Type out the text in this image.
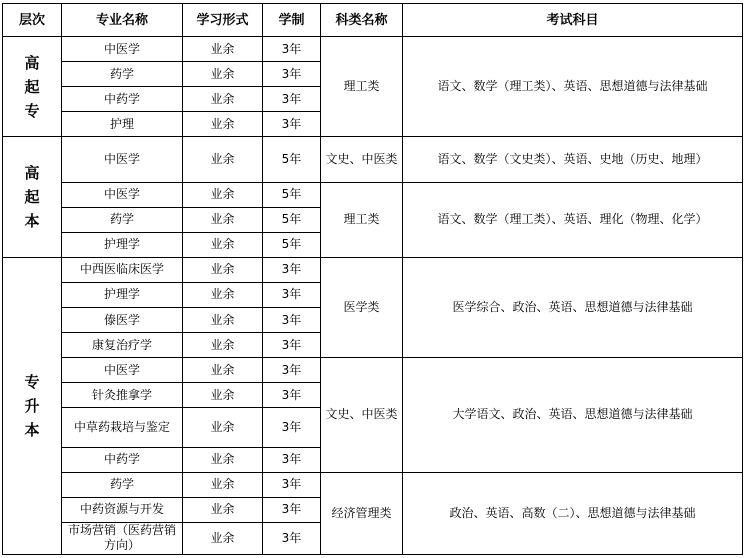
层次	专业名称	学习形式	学制	科类名称	考试科目

高
起
专	中医学	业余	3年	理工类	语文、数学（理工类）、英语、思想道德与法律基础
	药学	业余	3年		
	中药学	业余	3年		
	护理	业余	3年		

高
起
本	中医学	业余	5年	文史、中医类	语文、数学（文史类）、英语、史地（历史、地理）
	中医学	业余	5年	理工类	语文、数学（理工类）、英语、理化（物理、化学）
	药学	业余	5年		
	护理学	业余	5年		

专
升
本	中西医临床医学	业余	3年	医学类	医学综合、政治、英语、思想道德与法律基础
	护理学	业余	3年		
	傣医学	业余	3年		
	康复治疗学	业余	3年		
	中医学	业余	3年	文史、中医类	大学语文、政治、英语、思想道德与法律基础
	针灸推拿学	业余	3年		
	中草药栽培与鉴定	业余	3年		
	中药学	业余	3年		
	药学	业余	3年	经济管理类	政治、英语、高数（二）、思想道德与法律基础
	中药资源与开发	业余	3年		
	市场营销（医药营销方向）	业余	3年		
